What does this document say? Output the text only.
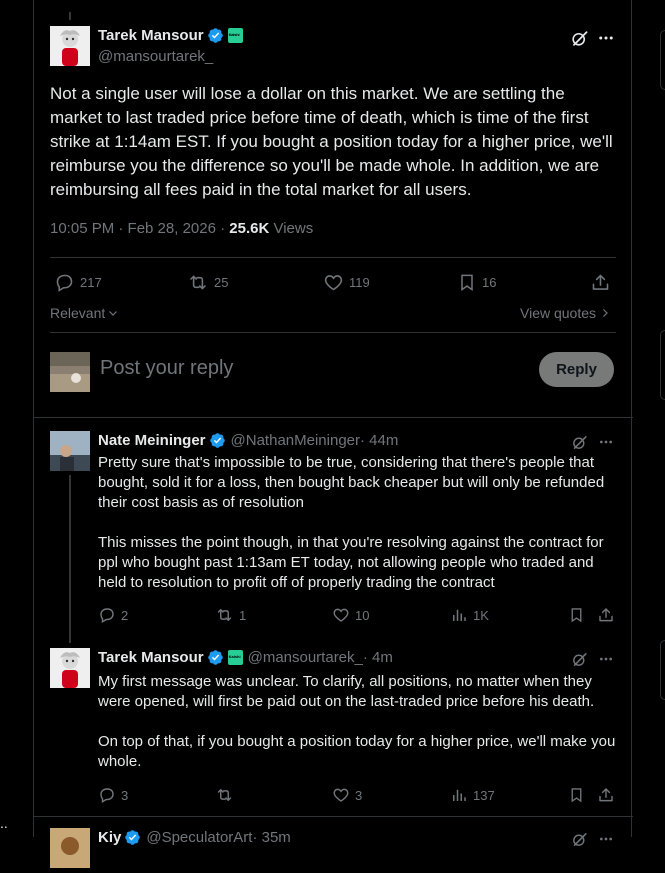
Tarek Mansour	Kalshi
@mansourtarek_
Not a single user will lose a dollar on this market. We are settling the market to last traded price before time of death, which is time of the first strike at 1:14am EST. If you bought a position today for a higher price, we'll reimburse you the difference so you'll be made whole. In addition, we are reimbursing all fees paid in the total market for all users.
10:05 PM · Feb 28, 2026 · 25.6K Views
217	25	119	16
Relevant	View quotes
Post your reply	Reply
Nate Meininger @NathanMeininger · 44m
Pretty sure that's impossible to be true, considering that there's people that bought, sold it for a loss, then bought back cheaper but will only be refunded their cost basis as of resolution
This misses the point though, in that you're resolving against the contract for ppl who bought past 1:13am ET today, not allowing people who traded and held to resolution to profit off of properly trading the contract
2	1	10	1K
Tarek Mansour	Kalshi @mansourtarek_ · 4m
My first message was unclear. To clarify, all positions, no matter when they were opened, will first be paid out on the last-traded price before his death.
On top of that, if you bought a position today for a higher price, we'll make you whole.
3	3	137
Kiy @SpeculatorArt · 35m
..
